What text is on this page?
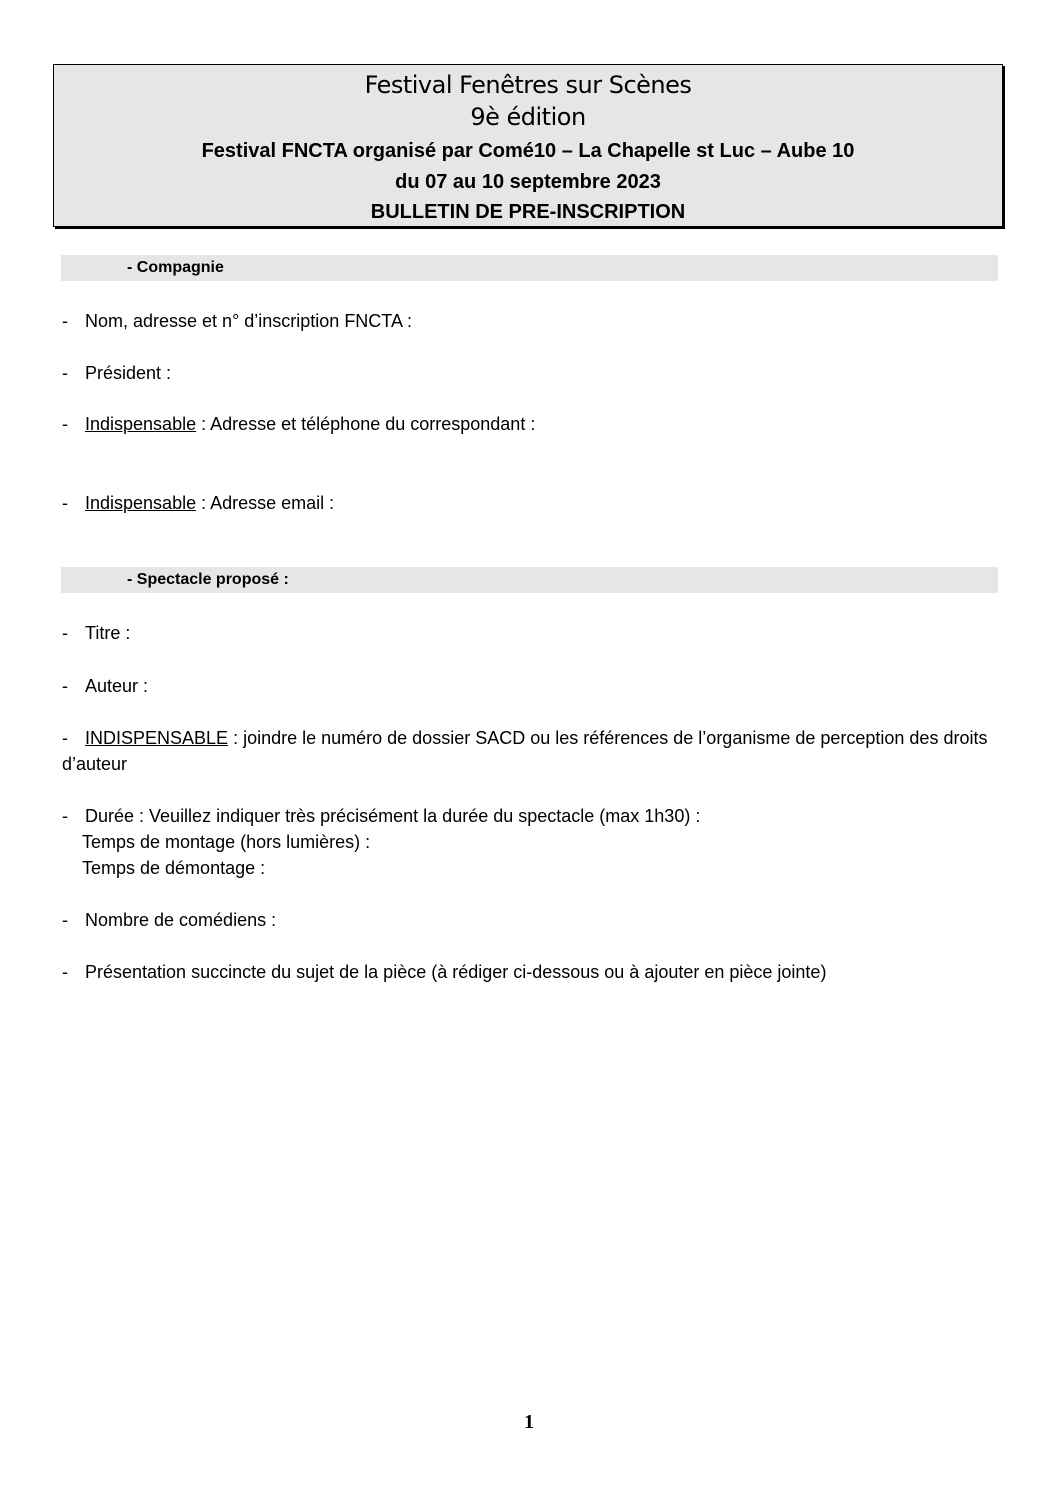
Festival Fenêtres sur Scènes
9è édition
Festival FNCTA organisé par Comé10 – La Chapelle st Luc – Aube 10
du 07 au 10 septembre 2023
BULLETIN DE PRE-INSCRIPTION
- Compagnie
- Nom, adresse et n° d’inscription FNCTA :
- Président :
- Indispensable : Adresse et téléphone du correspondant :
- Indispensable : Adresse email :
- Spectacle proposé :
- Titre :
- Auteur :
- INDISPENSABLE : joindre le numéro de dossier SACD ou les références de l’organisme de perception des droits d’auteur
- Durée : Veuillez indiquer très précisément la durée du spectacle (max 1h30) :
Temps de montage (hors lumières) :
Temps de démontage :
- Nombre de comédiens :
- Présentation succincte du sujet de la pièce (à rédiger ci-dessous ou à ajouter en pièce jointe)
1
